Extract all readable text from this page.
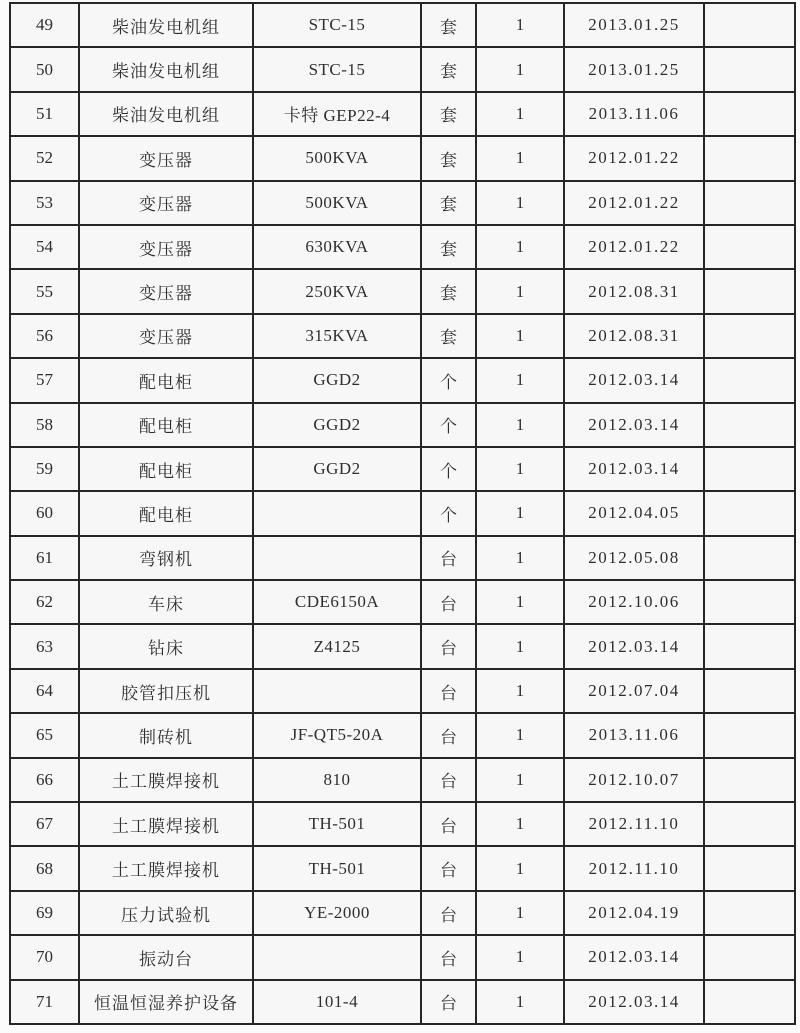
49	柴油发电机组	STC-15	套	1	2013.01.25	
50	柴油发电机组	STC-15	套	1	2013.01.25	
51	柴油发电机组	卡特 GEP22-4	套	1	2013.11.06	
52	变压器	500KVA	套	1	2012.01.22	
53	变压器	500KVA	套	1	2012.01.22	
54	变压器	630KVA	套	1	2012.01.22	
55	变压器	250KVA	套	1	2012.08.31	
56	变压器	315KVA	套	1	2012.08.31	
57	配电柜	GGD2	个	1	2012.03.14	
58	配电柜	GGD2	个	1	2012.03.14	
59	配电柜	GGD2	个	1	2012.03.14	
60	配电柜		个	1	2012.04.05	
61	弯钢机		台	1	2012.05.08	
62	车床	CDE6150A	台	1	2012.10.06	
63	钻床	Z4125	台	1	2012.03.14	
64	胶管扣压机		台	1	2012.07.04	
65	制砖机	JF-QT5-20A	台	1	2013.11.06	
66	土工膜焊接机	810	台	1	2012.10.07	
67	土工膜焊接机	TH-501	台	1	2012.11.10	
68	土工膜焊接机	TH-501	台	1	2012.11.10	
69	压力试验机	YE-2000	台	1	2012.04.19	
70	振动台		台	1	2012.03.14	
71	恒温恒湿养护设备	101-4	台	1	2012.03.14	
